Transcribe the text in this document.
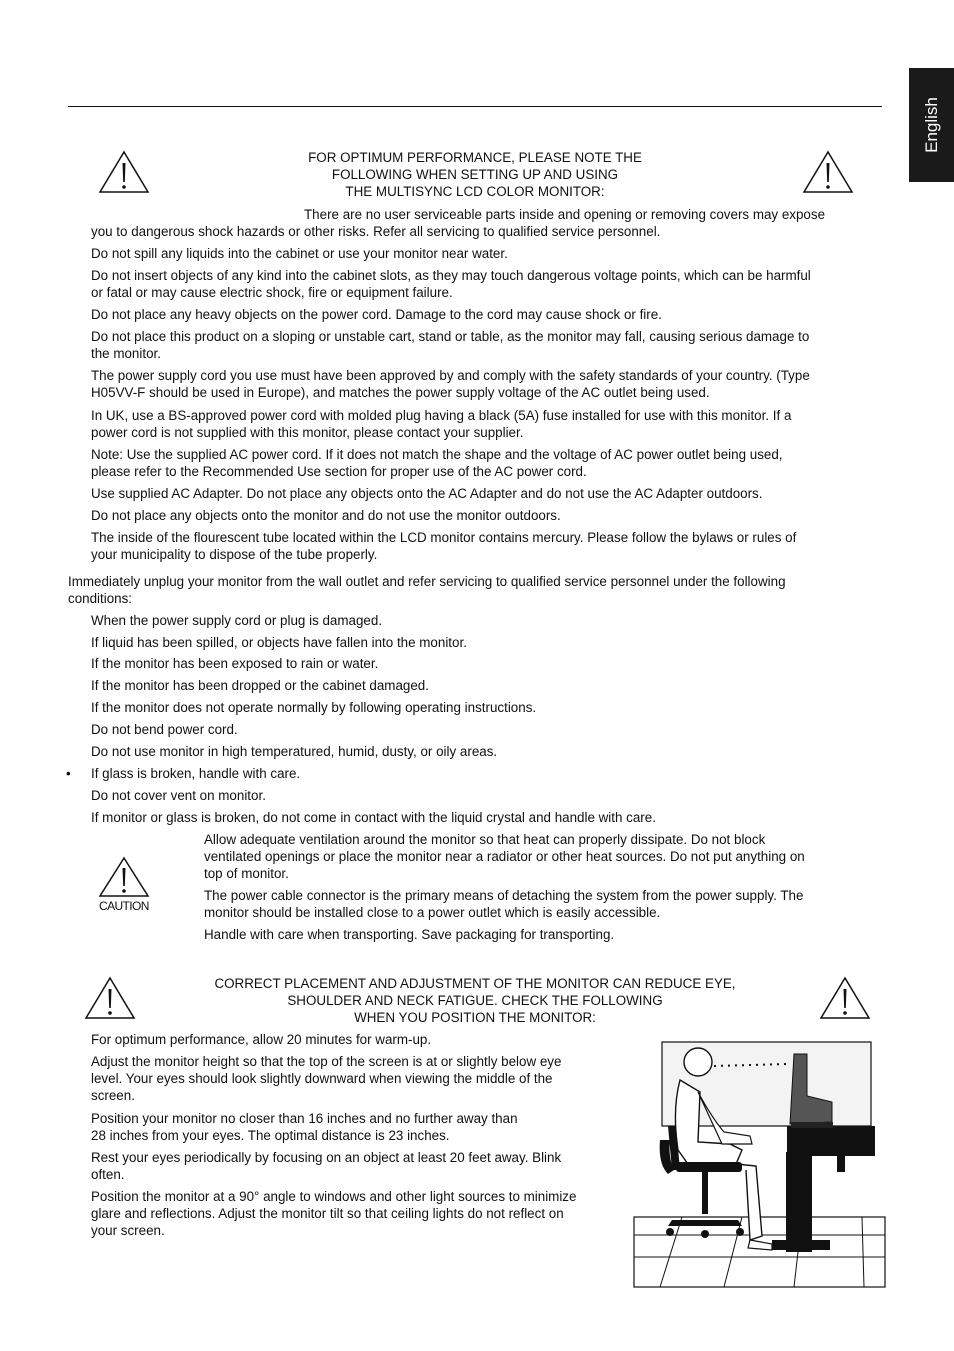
English
FOR OPTIMUM PERFORMANCE, PLEASE NOTE THE
FOLLOWING WHEN SETTING UP AND USING
THE MULTISYNC LCD COLOR MONITOR:
There are no user serviceable parts inside and opening or removing covers may expose
you to dangerous shock hazards or other risks. Refer all servicing to qualified service personnel.
Do not spill any liquids into the cabinet or use your monitor near water.
Do not insert objects of any kind into the cabinet slots, as they may touch dangerous voltage points, which can be harmful
or fatal or may cause electric shock, fire or equipment failure.
Do not place any heavy objects on the power cord. Damage to the cord may cause shock or fire.
Do not place this product on a sloping or unstable cart, stand or table, as the monitor may fall, causing serious damage to
the monitor.
The power supply cord you use must have been approved by and comply with the safety standards of your country. (Type
H05VV-F should be used in Europe), and matches the power supply voltage of the AC outlet being used.
In UK, use a BS-approved power cord with molded plug having a black (5A) fuse installed for use with this monitor. If a
power cord is not supplied with this monitor, please contact your supplier.
Note: Use the supplied AC power cord. If it does not match the shape and the voltage of AC power outlet being used,
please refer to the Recommended Use section for proper use of the AC power cord.
Use supplied AC Adapter. Do not place any objects onto the AC Adapter and do not use the AC Adapter outdoors.
Do not place any objects onto the monitor and do not use the monitor outdoors.
The inside of the flourescent tube located within the LCD monitor contains mercury. Please follow the bylaws or rules of
your municipality to dispose of the tube properly.
Immediately unplug your monitor from the wall outlet and refer servicing to qualified service personnel under the following
conditions:
When the power supply cord or plug is damaged.
If liquid has been spilled, or objects have fallen into the monitor.
If the monitor has been exposed to rain or water.
If the monitor has been dropped or the cabinet damaged.
If the monitor does not operate normally by following operating instructions.
Do not bend power cord.
Do not use monitor in high temperatured, humid, dusty, or oily areas.
• If glass is broken, handle with care.
Do not cover vent on monitor.
If monitor or glass is broken, do not come in contact with the liquid crystal and handle with care.
CAUTION
Allow adequate ventilation around the monitor so that heat can properly dissipate. Do not block
ventilated openings or place the monitor near a radiator or other heat sources. Do not put anything on
top of monitor.
The power cable connector is the primary means of detaching the system from the power supply. The
monitor should be installed close to a power outlet which is easily accessible.
Handle with care when transporting. Save packaging for transporting.
CORRECT PLACEMENT AND ADJUSTMENT OF THE MONITOR CAN REDUCE EYE,
SHOULDER AND NECK FATIGUE. CHECK THE FOLLOWING
WHEN YOU POSITION THE MONITOR:
For optimum performance, allow 20 minutes for warm-up.
Adjust the monitor height so that the top of the screen is at or slightly below eye
level. Your eyes should look slightly downward when viewing the middle of the
screen.
Position your monitor no closer than 16 inches and no further away than
28 inches from your eyes. The optimal distance is 23 inches.
Rest your eyes periodically by focusing on an object at least 20 feet away. Blink
often.
Position the monitor at a 90° angle to windows and other light sources to minimize
glare and reflections. Adjust the monitor tilt so that ceiling lights do not reflect on
your screen.
